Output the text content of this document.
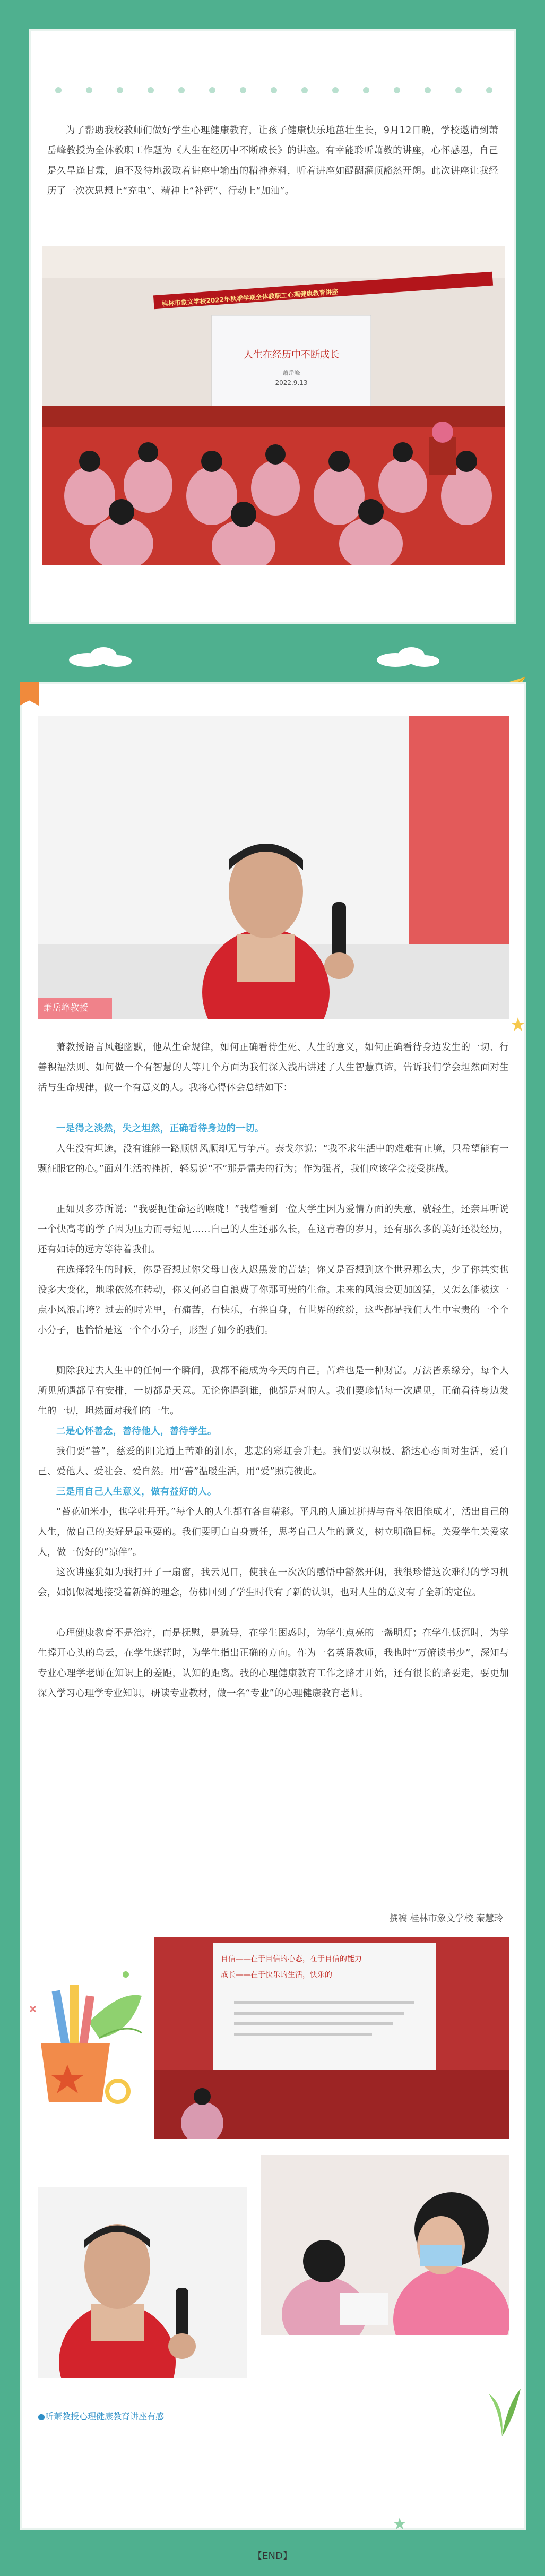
为了帮助我校教师们做好学生心理健康教育，让孩子健康快乐地茁壮生长，9月12日晚，学校邀请到萧岳峰教授为全体教职工作题为《人生在经历中不断成长》的讲座。有幸能聆听萧教的讲座，心怀感恩，自己是久旱逢甘霖，迫不及待地汲取着讲座中输出的精神养料，听着讲座如醍醐灌顶豁然开朗。此次讲座让我经历了一次次思想上“充电”、精神上“补钙”、行动上“加油”。

桂林市象文学校2022年秋季学期全体教职工心理健康教育讲座
人生在经历中不断成长
萧岳峰
2022.9.13
萧岳峰教授

萧教授语言风趣幽默，他从生命规律，如何正确看待生死、人生的意义，如何正确看待身边发生的一切、行善积福法则、如何做一个有智慧的人等几个方面为我们深入浅出讲述了人生智慧真谛，告诉我们学会坦然面对生活与生命规律，做一个有意义的人。我将心得体会总结如下：

一是得之淡然，失之坦然，正确看待身边的一切。

人生没有坦途，没有谁能一路顺帆风顺却无与争声。泰戈尔说：“我不求生活中的难难有止境，只希望能有一颗征服它的心。”面对生活的挫折，轻易说“不”那是懦夫的行为；作为强者，我们应该学会接受挑战。

正如贝多芬所说：“我要扼住命运的喉咙！”我曾看到一位大学生因为爱情方面的失意，就轻生，还亲耳听说一个快高考的学子因为压力而寻短见……自己的人生还那么长，在这青春的岁月，还有那么多的美好还没经历，还有如诗的远方等待着我们。

在选择轻生的时候，你是否想过你父母日夜人迟黑发的苦楚；你又是否想到这个世界那么大，少了你其实也没多大变化，地球依然在转动，你又何必自自浪费了你那可贵的生命。未来的风浪会更加凶猛，又怎么能被这一点小风浪击垮？过去的时光里，有痛苦，有快乐，有挫自身，有世界的缤纷，这些都是我们人生中宝贵的一个个小分子，也恰恰是这一个个小分子，形塑了如今的我们。

厕除我过去人生中的任何一个瞬间，我都不能成为今天的自己。苦难也是一种财富。万法皆系缘分，每个人所见所遇都早有安排，一切都是天意。无论你遇到谁，他都是对的人。我们要珍惜每一次遇见，正确看待身边发生的一切，坦然面对我们的一生。

二是心怀善念，善待他人，善待学生。

我们要“善”，慈爱的阳光通上苦难的泪水，悲悲的彩虹会升起。我们要以积极、豁达心态面对生活，爱自己、爱他人、爱社会、爱自然。用“善”温暖生活，用“爱”照亮彼此。

三是用自己人生意义，做有益好的人。

“苔花如米小，也学牡丹开。”每个人的人生都有各自精彩。平凡的人通过拼搏与奋斗依旧能成才，活出自己的人生，做自己的美好是最重要的。我们要明白自身责任，思考自己人生的意义，树立明确目标。关爱学生关爱家人，做一份好的“凉伴”。

这次讲座犹如为我打开了一扇窗，我云见日，使我在一次次的感悟中豁然开朗，我很珍惜这次难得的学习机会，如饥似渴地接受着新鲜的理念，仿佛回到了学生时代有了新的认识，也对人生的意义有了全新的定位。

心理健康教育不是治疗，而是抚慰，是疏导，在学生困惑时，为学生点亮的一盏明灯；在学生低沉时，为学生撑开心头的乌云，在学生迷茫时，为学生指出正确的方向。作为一名英语教师，我也时“万俯读书少”，深知与专业心理学老师在知识上的差距，认知的距离。我的心理健康教育工作之路才开始，还有很长的路要走，要更加深入学习心理学专业知识，研读专业教材，做一名“专业”的心理健康教育老师。

撰稿 桂林市象文学校 秦慧玲
自信——在于自信的心态，在于自信的能力
成长——在于快乐的生活，快乐的
●听萧教授心理健康教育讲座有感
【END】
